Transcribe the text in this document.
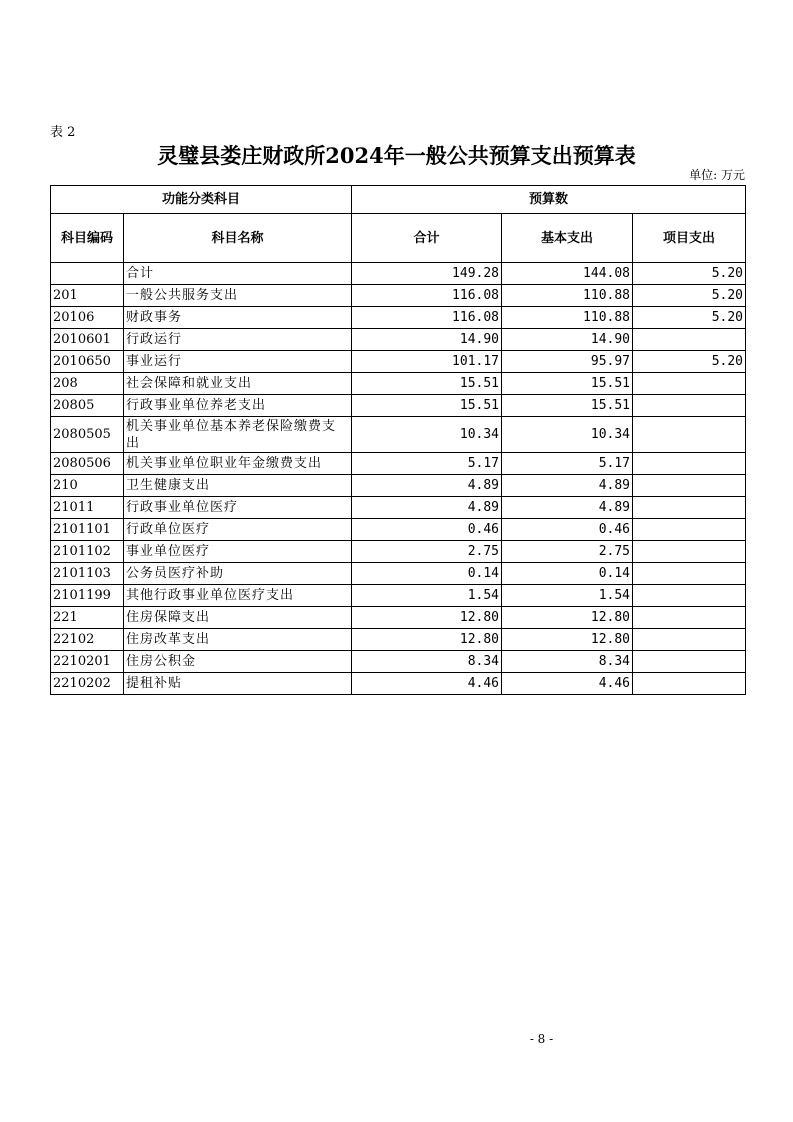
表 2
灵璧县娄庄财政所2024年一般公共预算支出预算表
单位: 万元
功能分类科目		预算数		
科目编码	科目名称	合计	基本支出	项目支出
	合计	149.28	144.08	5.20
201	一般公共服务支出	116.08	110.88	5.20
20106	财政事务	116.08	110.88	5.20
2010601	行政运行	14.90	14.90	
2010650	事业运行	101.17	95.97	5.20
208	社会保障和就业支出	15.51	15.51	
20805	行政事业单位养老支出	15.51	15.51	
2080505	机关事业单位基本养老保险缴费支出	10.34	10.34	
2080506	机关事业单位职业年金缴费支出	5.17	5.17	
210	卫生健康支出	4.89	4.89	
21011	行政事业单位医疗	4.89	4.89	
2101101	行政单位医疗	0.46	0.46	
2101102	事业单位医疗	2.75	2.75	
2101103	公务员医疗补助	0.14	0.14	
2101199	其他行政事业单位医疗支出	1.54	1.54	
221	住房保障支出	12.80	12.80	
22102	住房改革支出	12.80	12.80	
2210201	住房公积金	8.34	8.34	
2210202	提租补贴	4.46	4.46	
- 8 -
